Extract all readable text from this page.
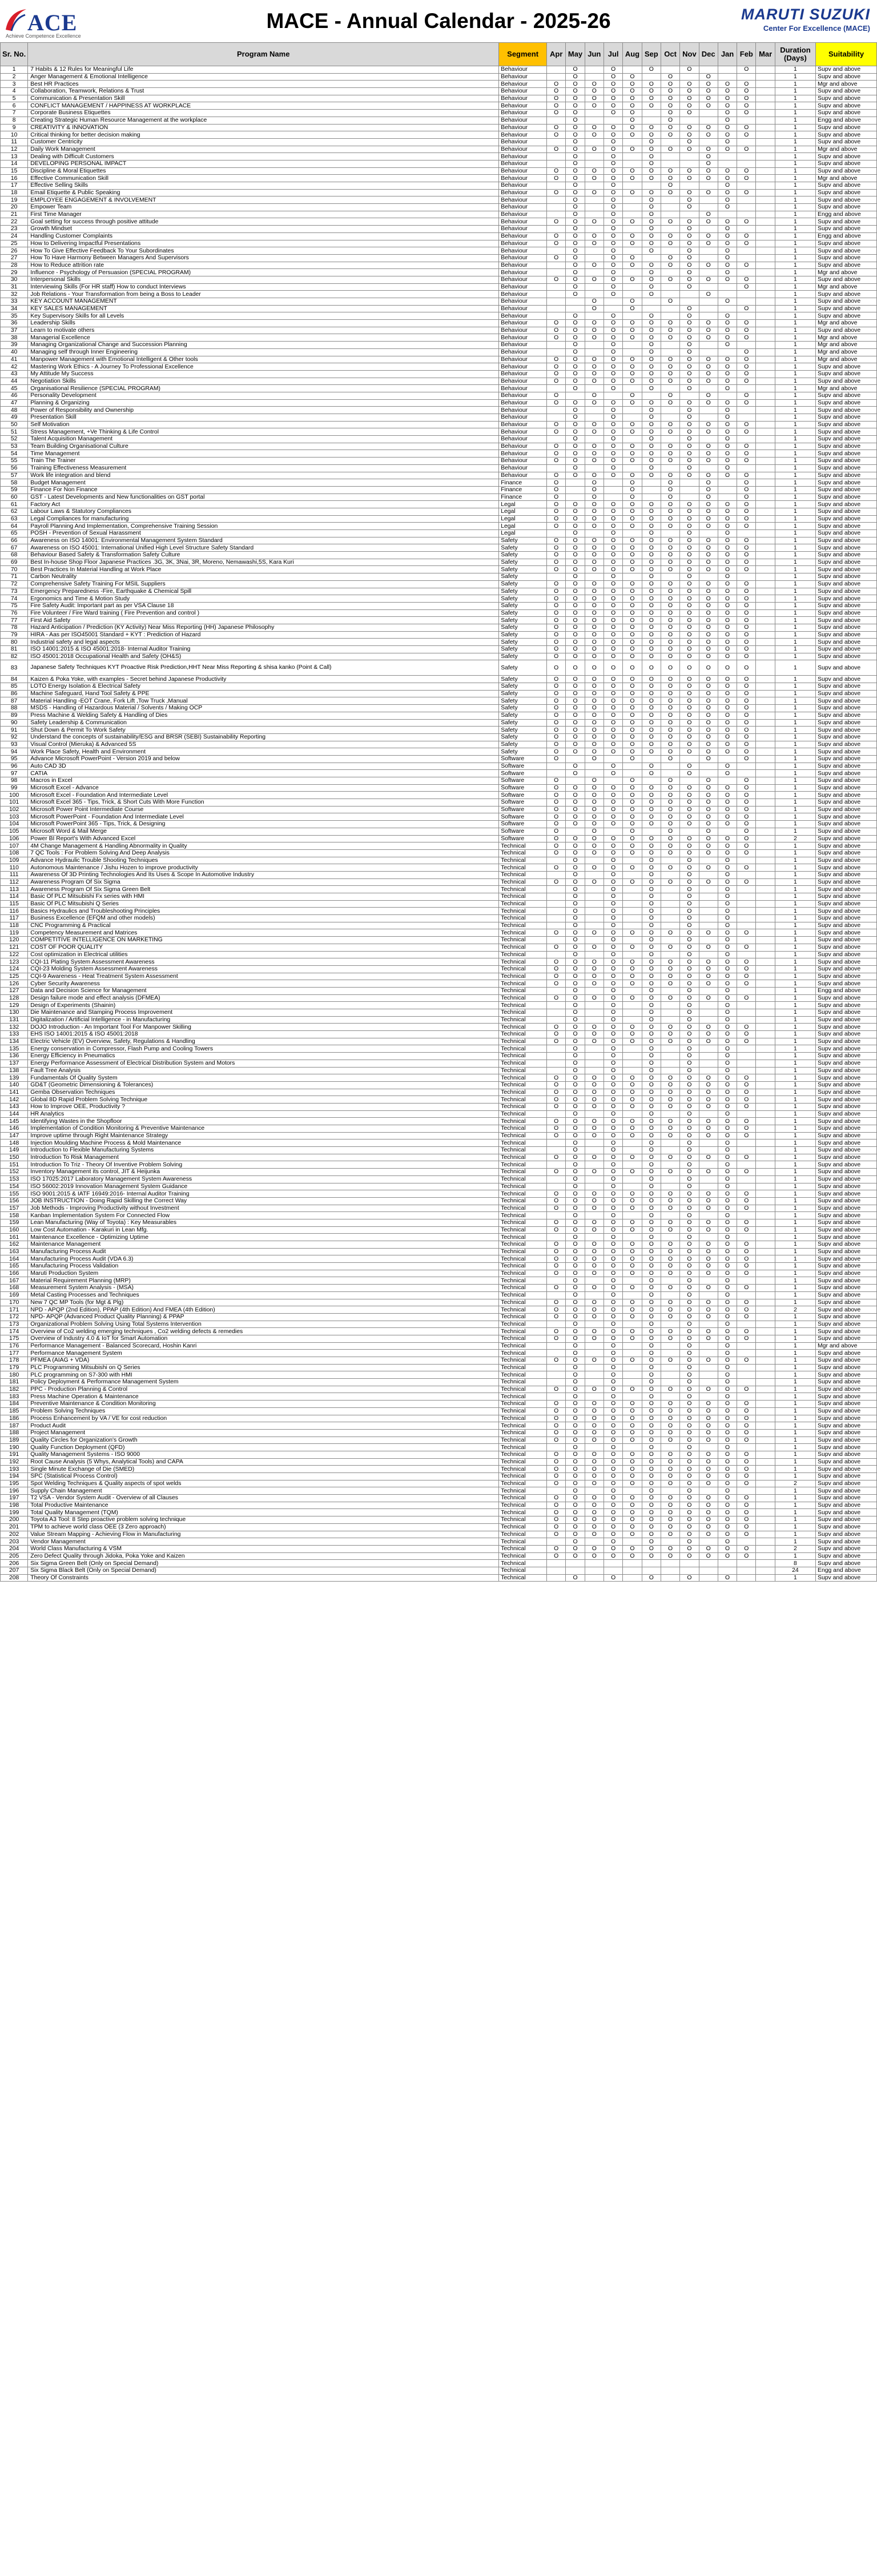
ACE
Achieve Competence Excellence
MACE - Annual Calendar - 2025-26	MARUTI SUZUKI
Center For Excellence (MACE)
Sr. No.	Program Name	Segment	Apr	May	Jun	Jul	Aug	Sep	Oct	Nov	Dec	Jan	Feb	Mar	Duration (Days)	Suitability
1	7 Habits & 12 Rules for Meaningful Life	Behaviour		O		O		O		O			O		1	Supv and above
2	Anger Management & Emotional Intelligence	Behaviour		O		O	O		O		O				1	Supv and above
3	Best HR Practices	Behaviour	O	O	O	O	O	O	O	O	O	O	O		1	Mgr and above
4	Collaboration, Teamwork, Relations & Trust	Behaviour	O	O	O	O	O	O	O	O	O	O	O		1	Supv and above
5	Communication & Presentation Skill	Behaviour	O	O	O	O	O	O	O	O	O	O	O		1	Supv and above
6	CONFLICT MANAGEMENT / HAPPINESS AT WORKPLACE	Behaviour	O	O	O	O	O	O	O	O	O	O	O		1	Supv and above
7	Corporate Business Etiquettes	Behaviour	O	O		O	O		O	O		O	O		1	Supv and above
8	Creating Strategic Human Resource Management at the workplace	Behaviour		O			O		O			O			1	Engg and above
9	CREATIVITY & INNOVATION	Behaviour	O	O	O	O	O	O	O	O	O	O	O		1	Supv and above
10	Critical thinking for better decision making	Behaviour	O	O	O	O	O	O	O	O	O	O	O		1	Supv and above
11	Customer Centricity	Behaviour		O		O		O		O		O			1	Supv and above
12	Daily Work Management	Behaviour	O	O	O	O	O	O	O	O	O	O	O		1	Mgr and above
13	Dealing with Difficult Customers	Behaviour		O		O		O			O				1	Supv and above
14	DEVELOPING PERSONAL IMPACT	Behaviour		O		O		O			O				1	Supv and above
15	Discipline & Moral Etiquettes	Behaviour	O	O	O	O	O	O	O	O	O	O	O		1	Supv and above
16	Effective Communication Skill	Behaviour	O	O	O	O	O	O	O	O	O	O	O		1	Mgr and above
17	Effective Selling Skills	Behaviour		O		O			O			O			1	Supv and above
18	Email Etiquette & Public Speaking	Behaviour	O	O	O	O	O	O	O	O	O	O	O		1	Supv and above
19	EMPLOYEE ENGAGEMENT & INVOLVEMENT	Behaviour		O		O		O		O		O			1	Supv and above
20	Empower Team	Behaviour		O		O		O		O		O			1	Supv and above
21	First Time Manager	Behaviour		O		O		O			O				1	Engg and above
22	Goal setting for success through positive attitude	Behaviour	O	O	O	O	O	O	O	O	O	O	O		1	Supv and above
23	Growth Mindset	Behaviour		O		O		O		O		O			1	Supv and above
24	Handling Customer Complaints	Behaviour	O	O	O	O	O	O	O	O	O	O	O		1	Engg and above
25	How to Delivering Impactful Presentations	Behaviour	O	O	O	O	O	O	O	O	O	O	O		1	Supv and above
26	How To Give Effective Feedback To Your Subordinates	Behaviour		O		O		O		O		O			1	Supv and above
27	How To Have Harmony Between Managers And Supervisors	Behaviour	O	O		O	O		O	O		O			1	Supv and above
28	How to Reduce attrition rate	Behaviour		O	O	O	O	O	O	O	O	O	O		1	Supv and above
29	Influence - Psychology of Persuasion (SPECIAL PROGRAM)	Behaviour		O		O		O		O		O			1	Mgr and above
30	Interpersonal Skills	Behaviour	O	O	O	O	O	O	O	O	O	O	O		1	Supv and above
31	Interviewing Skills (For HR staff) How to conduct Interviews	Behaviour		O		O		O		O			O		1	Mgr and above
32	Job Relations - Your Transformation from being a Boss to Leader	Behaviour		O		O		O			O				1	Supv and above
33	KEY ACCOUNT MANAGEMENT	Behaviour			O		O		O			O			1	Supv and above
34	KEY SALES MANAGEMENT	Behaviour			O		O			O			O		1	Supv and above
35	Key Supervisory Skills for all Levels	Behaviour		O		O		O		O		O			1	Supv and above
36	Leadership Skills	Behaviour	O	O	O	O	O	O	O	O	O	O	O		1	Mgr and above
37	Learn to motivate others	Behaviour	O	O	O	O	O	O	O	O	O	O	O		1	Supv and above
38	Managerial Excellence	Behaviour	O	O	O	O	O	O	O	O	O	O	O		1	Mgr and above
39	Managing Organizational Change and Succession Planning	Behaviour		O		O		O		O		O			1	Mgr and above
40	Managing self through Inner Engineering	Behaviour		O		O		O		O			O		1	Mgr and above
41	Manpower Management with Emotional Intelligent & Other tools	Behaviour	O	O	O	O	O	O	O	O	O	O	O		1	Mgr and above
42	Mastering Work Ethics - A Journey To Professional Excellence	Behaviour	O	O	O	O	O	O	O	O	O	O	O		1	Supv and above
43	My Attitude My Success	Behaviour	O	O	O	O	O	O	O	O	O	O	O		1	Supv and above
44	Negotiation Skills	Behaviour	O	O	O	O	O	O	O	O	O	O	O		1	Supv and above
45	Organisational Resilience (SPECIAL PROGRAM)	Behaviour		O		O		O		O		O			1	Mgr and above
46	Personality Development	Behaviour	O		O		O		O		O		O		1	Supv and above
47	Planning & Organizing	Behaviour	O	O	O	O	O	O	O	O	O	O	O		1	Supv and above
48	Power of Responsibility and Ownership	Behaviour		O		O		O		O		O			1	Supv and above
49	Presentation Skill	Behaviour		O		O		O		O		O			1	Supv and above
50	Self Motivation	Behaviour	O	O	O	O	O	O	O	O	O	O	O		1	Supv and above
51	Stress Management, +Ve Thinking & Life Control	Behaviour	O	O	O	O	O	O	O	O	O	O	O		1	Supv and above
52	Talent Acquisition Management	Behaviour		O		O		O		O		O			1	Supv and above
53	Team Building Organisational Culture	Behaviour	O	O	O	O	O	O	O	O	O	O	O		1	Supv and above
54	Time Management	Behaviour	O	O	O	O	O	O	O	O	O	O	O		1	Supv and above
55	Train The Trainer	Behaviour	O	O	O	O	O	O	O	O	O	O	O		1	Supv and above
56	Training Effectiveness Measurement	Behaviour		O		O		O		O		O			1	Supv and above
57	Work life integration and blend	Behaviour	O	O	O	O	O	O	O	O	O	O	O		1	Supv and above
58	Budget Management	Finance	O		O		O		O		O		O		1	Supv and above
59	Finance For Non Finance	Finance	O		O		O		O		O		O		1	Supv and above
60	GST - Latest Developments and New functionalities on GST portal	Finance	O		O		O		O		O		O		1	Supv and above
61	Factory Act	Legal	O	O	O	O	O	O	O	O	O	O	O		1	Supv and above
62	Labour Laws & Statutory Compliances	Legal	O	O	O	O	O	O	O	O	O	O	O		1	Supv and above
63	Legal Compliances for manufacturing	Legal	O	O	O	O	O	O	O	O	O	O	O		1	Supv and above
64	Payroll Planning And Implementation, Comprehensive Training Session	Legal	O	O	O	O	O	O	O	O	O	O	O		1	Supv and above
65	POSH - Prevention of Sexual Harassment	Legal		O		O		O		O		O			1	Supv and above
66	Awareness on ISO 14001: Environmental Management System Standard	Safety	O	O	O	O	O	O	O	O	O	O	O		1	Supv and above
67	Awareness on ISO 45001: International Unified High Level Structure Safety Standard	Safety	O	O	O	O	O	O	O	O	O	O	O		1	Supv and above
68	Behaviour Based Safety & Transformation Safety Culture	Safety	O	O	O	O	O	O	O	O	O	O	O		1	Supv and above
69	Best In-house Shop Floor Japanese Practices .3G, 3K, 3Nai, 3R, Moreno, Nemawashi,5S, Kara Kuri	Safety	O	O	O	O	O	O	O	O	O	O	O		1	Supv and above
70	Best Practices In Material Handling at Work Place	Safety	O	O	O	O	O	O	O	O	O	O	O		1	Supv and above
71	Carbon Neutrality	Safety		O		O		O		O		O			1	Supv and above
72	Comprehensive Safety Training For MSIL Suppliers	Safety	O	O	O	O	O	O	O	O	O	O	O		1	Supv and above
73	Emergency Preparedness -Fire, Earthquake & Chemical Spill	Safety	O	O	O	O	O	O	O	O	O	O	O		1	Supv and above
74	Ergonomics and Time & Motion Study	Safety	O	O	O	O	O	O	O	O	O	O	O		1	Supv and above
75	Fire Safety Audit: Important part as per VSA Clause 18	Safety	O	O	O	O	O	O	O	O	O	O	O		1	Supv and above
76	Fire Volunteer / Fire Ward training ( Fire Prevention and control )	Safety	O	O	O	O	O	O	O	O	O	O	O		1	Supv and above
77	First Aid Safety	Safety	O	O	O	O	O	O	O	O	O	O	O		1	Supv and above
78	Hazard Anticipation / Prediction (KY Activity) Near Miss Reporting (HH) Japanese Philosophy	Safety	O	O	O	O	O	O	O	O	O	O	O		1	Supv and above
79	HIRA - Aas per ISO45001 Standard + KYT : Prediction of Hazard	Safety	O	O	O	O	O	O	O	O	O	O	O		1	Supv and above
80	Industrial safety and legal aspects	Safety	O	O	O	O	O	O	O	O	O	O	O		1	Supv and above
81	ISO 14001:2015 & ISO 45001:2018- Internal Auditor Training	Safety	O	O	O	O	O	O	O	O	O	O	O		1	Supv and above
82	ISO 45001:2018 Occupational Health and Safety (OH&S)	Safety	O	O	O	O	O	O	O	O	O	O	O		1	Supv and above
83	Japanese Safety Techniques KYT Proactive Risk Prediction,HHT Near Miss Reporting & shisa kanko (Point & Call)	Safety	O	O	O	O	O	O	O	O	O	O	O		1	Supv and above
84	Kaizen & Poka Yoke, with examples - Secret behind Japanese Productivity	Safety	O	O	O	O	O	O	O	O	O	O	O		1	Supv and above
85	LOTO Energy Isolation & Electrical Safety	Safety	O	O	O	O	O	O	O	O	O	O	O		1	Supv and above
86	Machine Safeguard, Hand Tool Safety & PPE	Safety	O	O	O	O	O	O	O	O	O	O	O		1	Supv and above
87	Material Handling -EOT Crane, Fork Lift ,Tow Truck ,Manual	Safety	O	O	O	O	O	O	O	O	O	O	O		1	Supv and above
88	MSDS - Handling of Hazardous Material / Solvents / Making OCP	Safety	O	O	O	O	O	O	O	O	O	O	O		1	Supv and above
89	Press Machine & Welding Safety & Handling of Dies	Safety	O	O	O	O	O	O	O	O	O	O	O		1	Supv and above
90	Safety Leadership & Communication	Safety	O	O	O	O	O	O	O	O	O	O	O		1	Supv and above
91	Shut Down & Permit To Work Safety	Safety	O	O	O	O	O	O	O	O	O	O	O		1	Supv and above
92	Understand the concepts of sustainability/ESG and BRSR (SEBI) Sustainability Reporting	Safety	O	O	O	O	O	O	O	O	O	O	O		1	Supv and above
93	Visual Control (Mieruka) & Advanced 5S	Safety	O	O	O	O	O	O	O	O	O	O	O		1	Supv and above
94	Work Place Safety, Health and Environment	Safety	O	O	O	O	O	O	O	O	O	O	O		1	Supv and above
95	Advance Microsoft PowerPoint - Version 2019 and below	Software	O		O		O		O		O		O		1	Supv and above
96	Auto CAD 3D	Software		O		O		O		O		O			1	Supv and above
97	CATIA	Software		O		O		O		O		O			1	Supv and above
98	Macros in Excel	Software	O		O		O		O		O		O		1	Supv and above
99	Microsoft Excel - Advance	Software	O	O	O	O	O	O	O	O	O	O	O		1	Supv and above
100	Microsoft Excel - Foundation And Intermediate Level	Software	O	O	O	O	O	O	O	O	O	O	O		1	Supv and above
101	Microsoft Excel 365 - Tips, Trick, & Short Cuts With More Function	Software	O	O	O	O	O	O	O	O	O	O	O		1	Supv and above
102	Microsoft Power Point Intermediate Course	Software	O	O	O	O	O	O	O	O	O	O	O		1	Supv and above
103	Microsoft PowerPoint - Foundation And Intermediate Level	Software	O	O	O	O	O	O	O	O	O	O	O		1	Supv and above
104	Microsoft PowerPoint 365 - Tips, Trick, & Designing	Software	O	O	O	O	O	O	O	O	O	O	O		1	Supv and above
105	Microsoft Word & Mail Merge	Software	O		O		O		O		O		O		1	Supv and above
106	Power BI Report's With Advanced Excel	Software	O	O	O	O	O	O	O	O	O	O	O		2	Supv and above
107	4M Change Management & Handling Abnormality in Quality	Technical	O	O	O	O	O	O	O	O	O	O	O		1	Supv and above
108	7 QC Tools : For Problem Solving And Deep Analysis	Technical	O	O	O	O	O	O	O	O	O	O	O		1	Supv and above
109	Advance Hydraulic Trouble Shooting Techniques	Technical		O		O		O		O		O			1	Supv and above
110	Autonomous Maintenance / Jishu Hozen to improve productivity	Technical	O	O	O	O	O	O	O	O	O	O	O		1	Supv and above
111	Awareness Of 3D Printing Technologies And Its Uses & Scope In Automotive Industry	Technical		O		O		O		O		O			1	Supv and above
112	Awareness Program Of Six Sigma	Technical	O	O	O	O	O	O	O	O	O	O	O		1	Supv and above
113	Awareness Program Of Six Sigma Green Belt	Technical		O		O		O		O		O			1	Supv and above
114	Basic Of PLC Mitsubishi Fx series with HMI	Technical		O		O		O		O		O			1	Supv and above
115	Basic Of PLC Mitsubishi Q Series	Technical		O		O		O		O		O			1	Supv and above
116	Basics Hydraulics and Troubleshooting Principles	Technical		O		O		O		O		O			1	Supv and above
117	Business Excellence (EFQM and other models)	Technical		O		O		O		O		O			1	Supv and above
118	CNC Programming & Practical	Technical		O		O		O		O		O			1	Supv and above
119	Competency Measurement and Matrices	Technical	O	O	O	O	O	O	O	O	O	O	O		1	Supv and above
120	COMPETITIVE INTELLIGENCE ON MARKETING	Technical		O		O		O		O		O			1	Supv and above
121	COST OF POOR QUALITY	Technical	O	O	O	O	O	O	O	O	O	O	O		1	Supv and above
122	Cost optimization in Electrical utilities	Technical		O		O		O		O		O			1	Supv and above
123	CQI-11 Plating System Assessment Awareness	Technical	O	O	O	O	O	O	O	O	O	O	O		1	Supv and above
124	CQI-23 Molding System Assessment Awareness	Technical	O	O	O	O	O	O	O	O	O	O	O		1	Supv and above
125	CQI-9 Awareness - Heat Treatment System Assessment	Technical	O	O	O	O	O	O	O	O	O	O	O		1	Supv and above
126	Cyber Security Awareness	Technical	O	O	O	O	O	O	O	O	O	O	O		1	Supv and above
127	Data and Decision Science for Management	Technical		O		O		O		O		O			1	Engg and above
128	Design failure mode and effect analysis (DFMEA)	Technical	O	O	O	O	O	O	O	O	O	O	O		1	Supv and above
129	Design of Experiments (Shainin)	Technical		O		O		O		O		O			1	Supv and above
130	Die Maintenance and Stamping Process Improvement	Technical		O		O		O		O		O			1	Supv and above
131	Digitalization / Artificial Intelligence - in Manufacturing	Technical		O		O		O		O		O			1	Supv and above
132	DOJO Introduction - An Important Tool For Manpower Skilling	Technical	O	O	O	O	O	O	O	O	O	O	O		1	Supv and above
133	EHS ISO 14001:2015 & ISO 45001:2018	Technical	O	O	O	O	O	O	O	O	O	O	O		1	Supv and above
134	Electric Vehicle (EV) Overview, Safety, Regulations & Handling	Technical	O	O	O	O	O	O	O	O	O	O	O		1	Supv and above
135	Energy conservation in Compressor, Flash Pump and Cooling Towers	Technical		O		O		O		O		O			1	Supv and above
136	Energy Efficiency in Pneumatics	Technical		O		O		O		O		O			1	Supv and above
137	Energy Performance Assessment of Electrical Distribution System and Motors	Technical		O		O		O		O		O			1	Supv and above
138	Fault Tree Analysis	Technical		O		O		O		O		O			1	Supv and above
139	Fundamentals Of Quality System	Technical	O	O	O	O	O	O	O	O	O	O	O		1	Supv and above
140	GD&T (Geometric Dimensioning & Tolerances)	Technical	O	O	O	O	O	O	O	O	O	O	O		1	Supv and above
141	Gemba Observation Techniques	Technical	O	O	O	O	O	O	O	O	O	O	O		1	Supv and above
142	Global 8D Rapid Problem Solving Technique	Technical	O	O	O	O	O	O	O	O	O	O	O		1	Supv and above
143	How to Improve OEE, Productivity ?	Technical	O	O	O	O	O	O	O	O	O	O	O		1	Supv and above
144	HR Analytics	Technical		O		O		O		O		O			1	Supv and above
145	Identifying Wastes in the Shopfloor	Technical	O	O	O	O	O	O	O	O	O	O	O		1	Supv and above
146	Implementation of Condition Monitoring & Preventive Maintenance	Technical	O	O	O	O	O	O	O	O	O	O	O		1	Supv and above
147	Improve uptime through Right Maintenance Strategy	Technical	O	O	O	O	O	O	O	O	O	O	O		1	Supv and above
148	Injection Moulding Machine Process & Mold Maintenance	Technical		O		O		O		O		O			1	Supv and above
149	Introduction to Flexible Manufacturing Systems	Technical		O		O		O		O		O			1	Supv and above
150	Introduction To Risk Management	Technical	O	O	O	O	O	O	O	O	O	O	O		1	Supv and above
151	Introduction To Triz - Theory Of Inventive Problem Solving	Technical		O		O		O		O		O			1	Supv and above
152	Inventory Management its control, JIT & Heijunka	Technical	O	O	O	O	O	O	O	O	O	O	O		1	Supv and above
153	ISO 17025:2017 Laboratory Management System Awareness	Technical		O		O		O		O		O			1	Supv and above
154	ISO 56002:2019 Innovation Management System Guidance	Technical		O		O		O		O		O			1	Supv and above
155	ISO 9001:2015 & IATF 16949:2016- Internal Auditor Training	Technical	O	O	O	O	O	O	O	O	O	O	O		1	Supv and above
156	JOB INSTRUCTION - Doing Rapid Skilling the Correct Way	Technical	O	O	O	O	O	O	O	O	O	O	O		1	Supv and above
157	Job Methods - Improving Productivity without Investment	Technical	O	O	O	O	O	O	O	O	O	O	O		1	Supv and above
158	Kanban Implementation System For Connected Flow	Technical		O		O		O		O		O			1	Supv and above
159	Lean Manufacturing (Way of Toyota) : Key Measurables	Technical	O	O	O	O	O	O	O	O	O	O	O		1	Supv and above
160	Low Cost Automation - Karakuri in Lean Mfg.	Technical	O	O	O	O	O	O	O	O	O	O	O		1	Supv and above
161	Maintenance Excellence - Optimizing Uptime	Technical		O		O		O		O		O			1	Supv and above
162	Maintenance Management	Technical	O	O	O	O	O	O	O	O	O	O	O		1	Supv and above
163	Manufacturing Process Audit	Technical	O	O	O	O	O	O	O	O	O	O	O		1	Supv and above
164	Manufacturing Process Audit (VDA 6.3)	Technical	O	O	O	O	O	O	O	O	O	O	O		1	Supv and above
165	Manufacturing Process Validation	Technical	O	O	O	O	O	O	O	O	O	O	O		1	Supv and above
166	Maruti Production System	Technical	O	O	O	O	O	O	O	O	O	O	O		1	Supv and above
167	Material Requirement Planning (MRP)	Technical		O		O		O		O		O			1	Supv and above
168	Measurement System Analysis - (MSA)	Technical	O	O	O	O	O	O	O	O	O	O	O		1	Supv and above
169	Metal Casting Processes and Techniques	Technical		O		O		O		O		O			1	Supv and above
170	New 7 QC MP Tools (for Mgt & Plg)	Technical	O	O	O	O	O	O	O	O	O	O	O		1	Supv and above
171	NPD - APQP (2nd Edition), PPAP (4th Edition) And FMEA (4th Edition)	Technical	O	O	O	O	O	O	O	O	O	O	O		2	Supv and above
172	NPD- APQP (Advanced Product Quality Planning) & PPAP	Technical	O	O	O	O	O	O	O	O	O	O	O		1	Supv and above
173	Organizational Problem Solving Using Total Systems Intervention	Technical		O		O		O		O		O			1	Supv and above
174	Overview of Co2 welding emerging techniques , Co2 welding defects & remedies	Technical	O	O	O	O	O	O	O	O	O	O	O		1	Supv and above
175	Overview of Industry 4.0 & IoT for Smart Automation	Technical	O	O	O	O	O	O	O	O	O	O	O		1	Supv and above
176	Performance Management - Balanced Scorecard, Hoshin Kanri	Technical		O		O		O		O		O			1	Mgr and above
177	Performance Management System	Technical		O		O		O		O		O			1	Supv and above
178	PFMEA (AIAG + VDA)	Technical	O	O	O	O	O	O	O	O	O	O	O		1	Supv and above
179	PLC Programming Mitsubishi on Q Series	Technical		O		O		O		O		O			1	Supv and above
180	PLC programming on S7-300 with HMI	Technical		O		O		O		O		O			1	Supv and above
181	Policy Deployment & Performance Management System	Technical		O		O		O		O		O			1	Supv and above
182	PPC - Production Planning & Control	Technical	O	O	O	O	O	O	O	O	O	O	O		1	Supv and above
183	Press Machine Operation & Maintenance	Technical		O		O		O		O		O			1	Supv and above
184	Preventive Maintenance & Condition Monitoring	Technical	O	O	O	O	O	O	O	O	O	O	O		1	Supv and above
185	Problem Solving Techniques	Technical	O	O	O	O	O	O	O	O	O	O	O		1	Supv and above
186	Process Enhancement by VA / VE for cost reduction	Technical	O	O	O	O	O	O	O	O	O	O	O		1	Supv and above
187	Product Audit	Technical	O	O	O	O	O	O	O	O	O	O	O		1	Supv and above
188	Project Management	Technical	O	O	O	O	O	O	O	O	O	O	O		1	Supv and above
189	Quality Circles for Organization's Growth	Technical	O	O	O	O	O	O	O	O	O	O	O		1	Supv and above
190	Quality Function Deployment (QFD)	Technical		O		O		O		O		O			1	Supv and above
191	Quality Management Systems - ISO 9000	Technical	O	O	O	O	O	O	O	O	O	O	O		1	Supv and above
192	Root Cause Analysis (5 Whys, Analytical Tools) and CAPA	Technical	O	O	O	O	O	O	O	O	O	O	O		1	Supv and above
193	Single Minute Exchange of Die (SMED)	Technical	O	O	O	O	O	O	O	O	O	O	O		1	Supv and above
194	SPC (Statistical Process Control)	Technical	O	O	O	O	O	O	O	O	O	O	O		1	Supv and above
195	Spot Welding Techniques & Quality aspects of spot welds	Technical	O	O	O	O	O	O	O	O	O	O	O		2	Supv and above
196	Supply Chain Management	Technical		O		O		O		O		O			1	Supv and above
197	T2 VSA - Vendor System Audit - Overview of all Clauses	Technical	O	O	O	O	O	O	O	O	O	O	O		1	Supv and above
198	Total Productive Maintenance	Technical	O	O	O	O	O	O	O	O	O	O	O		1	Supv and above
199	Total Quality Management (TQM)	Technical	O	O	O	O	O	O	O	O	O	O	O		1	Supv and above
200	Toyota A3 Tool: 8 Step proactive problem solving technique	Technical	O	O	O	O	O	O	O	O	O	O	O		1	Supv and above
201	TPM to achieve world class OEE (3 Zero approach)	Technical	O	O	O	O	O	O	O	O	O	O	O		1	Supv and above
202	Value Stream Mapping - Achieving Flow in Manufacturing	Technical	O	O	O	O	O	O	O	O	O	O	O		1	Supv and above
203	Vendor Management	Technical		O		O		O		O		O			1	Supv and above
204	World Class Manufacturing & VSM	Technical	O	O	O	O	O	O	O	O	O	O	O		2	Supv and above
205	Zero Defect Quality through Jidoka, Poka Yoke and Kaizen	Technical	O	O	O	O	O	O	O	O	O	O	O		1	Supv and above
206	Six Sigma Green Belt (Only on Special Demand)	Technical													8	Supv and above
207	Six Sigma Black Belt (Only on Special Demand)	Technical													24	Engg and above
208	Theory Of Constraints	Technical		O		O		O		O		O			1	Supv and above
